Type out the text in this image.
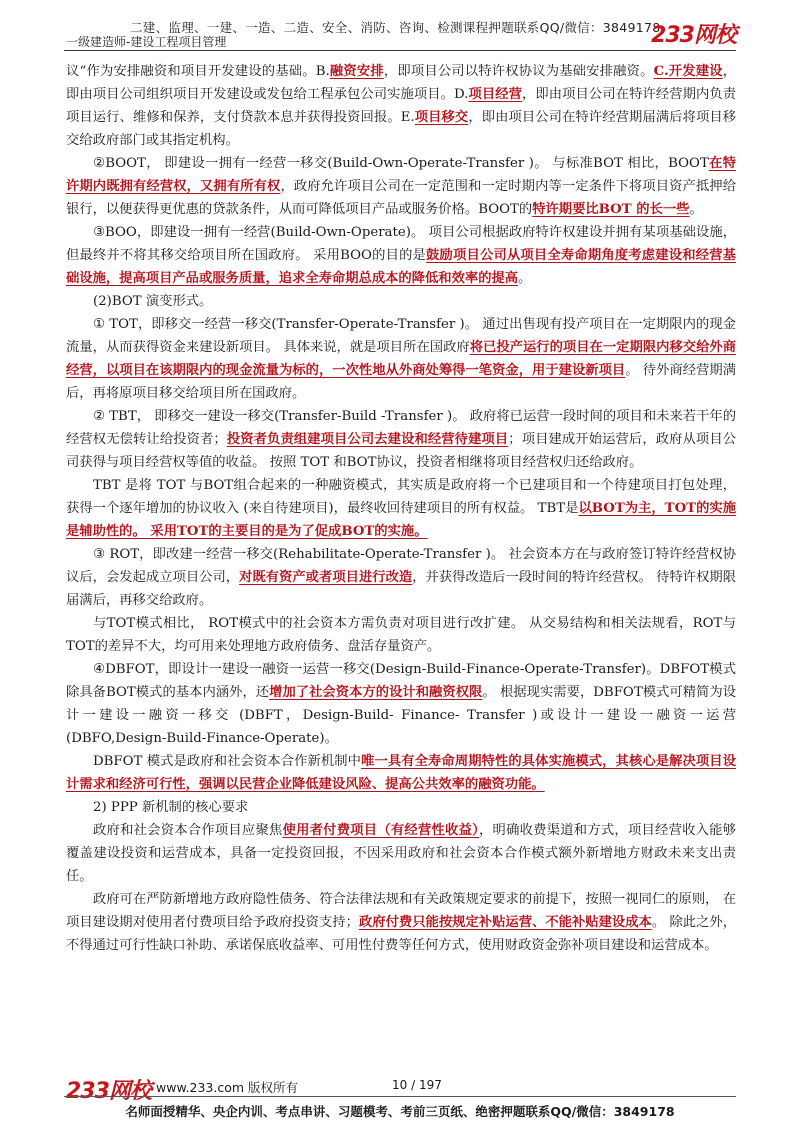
二建、监理、一建、一造、二造、安全、消防、咨询、检测课程押题联系QQ/微信：3849178
一级建造师-建设工程项目管理	233网校

议“作为安排融资和项目开发建设的基础。B.融资安排，即项目公司以特许权协议为基础安排融资。C.开发建设，即由项目公司组织项目开发建设或发包给工程承包公司实施项目。D.项目经营，即由项目公司在特许经营期内负责项目运行、维修和保养，支付贷款本息并获得投资回报。E.项目移交，即由项目公司在特许经营期届满后将项目移交给政府部门或其指定机构。

②BOOT， 即建设一拥有一经营一移交(Build-Own-Operate-Transfer )。 与标准BOT 相比，BOOT在特许期内既拥有经营权，又拥有所有权，政府允许项目公司在一定范围和一定时期内等一定条件下将项目资产抵押给银行，以便获得更优惠的贷款条件，从而可降低项目产品或服务价格。BOOT的特许期要比BOT 的长一些。

③BOO，即建设一拥有一经营(Build-Own-Operate)。 项目公司根据政府特许权建设并拥有某项基础设施，但最终并不将其移交给项目所在国政府。 采用BOO的目的是鼓励项目公司从项目全寿命期角度考虑建设和经营基础设施，提高项目产品或服务质量，追求全寿命期总成本的降低和效率的提高。

(2)BOT 演变形式。

① TOT，即移交一经营一移交(Transfer-Operate-Transfer )。 通过出售现有投产项目在一定期限内的现金流量，从而获得资金来建设新项目。 具体来说，就是项目所在国政府将已投产运行的项目在一定期限内移交给外商经营，以项目在该期限内的现金流量为标的，一次性地从外商处筹得一笔资金，用于建设新项目。 待外商经营期满后，再将原项目移交给项目所在国政府。

② TBT， 即移交一建设一移交(Transfer-Build -Transfer )。 政府将已运营一段时间的项目和未来若干年的经营权无偿转让给投资者；投资者负责组建项目公司去建设和经营待建项目；项目建成开始运营后，政府从项目公司获得与项目经营权等值的收益。 按照 TOT 和BOT协议，投资者相继将项目经营权归还给政府。

TBT 是将 TOT 与BOT组合起来的一种融资模式，其实质是政府将一个已建项目和一个待建项目打包处理，获得一个逐年增加的协议收入 (来自待建项目)，最终收回待建项目的所有权益。 TBT是以BOT为主，TOT的实施是辅助性的。 采用TOT的主要目的是为了促成BOT的实施。

③ ROT，即改建一经营一移交(Rehabilitate-Operate-Transfer )。 社会资本方在与政府签订特许经营权协议后，会发起成立项目公司，对既有资产或者项目进行改造，并获得改造后一段时间的特许经营权。 待特许权期限届满后，再移交给政府。

与TOT模式相比， ROT模式中的社会资本方需负责对项目进行改扩建。 从交易结构和相关法规看，ROT与TOT的差异不大，均可用来处理地方政府债务、盘活存量资产。

④DBFOT，即设计一建设一融资一运营一移交(Design-Build-Finance-Operate-Transfer)。DBFOT模式除具备BOT模式的基本内涵外，还增加了社会资本方的设计和融资权限。 根据现实需要，DBFOT模式可精简为设计一建设一融资一移交 (DBFT，Design-Build- Finance- Transfer )或设计一建设一融资一运营(DBFO,Design-Build-Finance-Operate)。

DBFOT 模式是政府和社会资本合作新机制中唯一具有全寿命周期特性的具体实施模式，其核心是解决项目设计需求和经济可行性，强调以民营企业降低建设风险、提高公共效率的融资功能。

2) PPP 新机制的核心要求

政府和社会资本合作项目应聚焦使用者付费项目（有经营性收益），明确收费渠道和方式，项目经营收入能够覆盖建设投资和运营成本，具备一定投资回报，不因采用政府和社会资本合作模式额外新增地方财政未来支出责任。

政府可在严防新增地方政府隐性债务、符合法律法规和有关政策规定要求的前提下，按照一视同仁的原则， 在项目建设期对使用者付费项目给予政府投资支持；政府付费只能按规定补贴运营、不能补贴建设成本。 除此之外，不得通过可行性缺口补助、承诺保底收益率、可用性付费等任何方式，使用财政资金弥补项目建设和运营成本。

233网校 www.233.com 版权所有	10 / 197
名师面授精华、央企内训、考点串讲、习题模考、考前三页纸、绝密押题联系QQ/微信：3849178
